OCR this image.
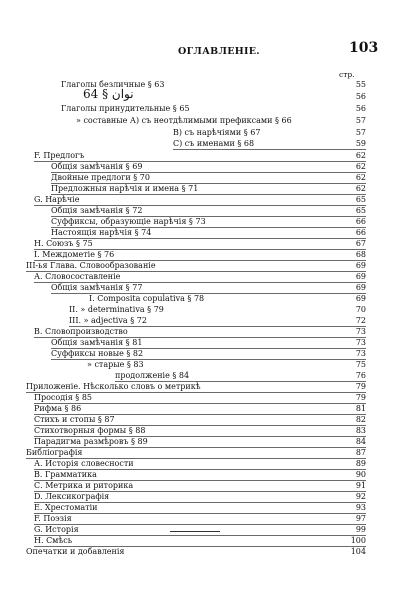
ОГЛАВЛЕНІЕ.	103
стр.
Глаголы безличные § 63	55
نوان § 64	56
Глаголы принудительные § 65	56
» составные А) съ неотдѣлимыми префиксами § 66	57
В) съ нарѣчіями § 67	57
С) съ именами § 68	59
F. Предлогъ	62
Общія замѣчанія § 69	62
Двойные предлоги § 70	62
Предложныя нарѣчія и имена § 71	62
G. Нарѣчіе	65
Общія замѣчанія § 72	65
Суффиксы, образующіе нарѣчія § 73	66
Настоящія нарѣчія § 74	66
Н. Союзъ § 75	67
I. Междометіе § 76	68
III-ья Глава. Словообразованіе	69
А. Словосоставленіе	69
Общія замѣчанія § 77	69
I. Composita copulativa § 78	69
II. » determinativa § 79	70
III. » adjectiva § 72	72
В. Словопроизводство	73
Общія замѣчанія § 81	73
Суффиксы новые § 82	73
» старые § 83	75
продолженіе § 84	76
Приложеніе. Нѣсколько словъ о метрикѣ	79
Просодія § 85	79
Рифма § 86	81
Стихъ и стопы § 87	82
Стихотворныя формы § 88	83
Парадигма размѣровъ § 89	84
Библіографія	87
А. Исторія словесности	89
В. Грамматика	90
С. Метрика и риторика	91
D. Лексикографія	92
Е. Хрестоматіи	93
F. Поэзія	97
G. Исторія	99
Н. Смѣсь	100
Опечатки и добавленія	104
